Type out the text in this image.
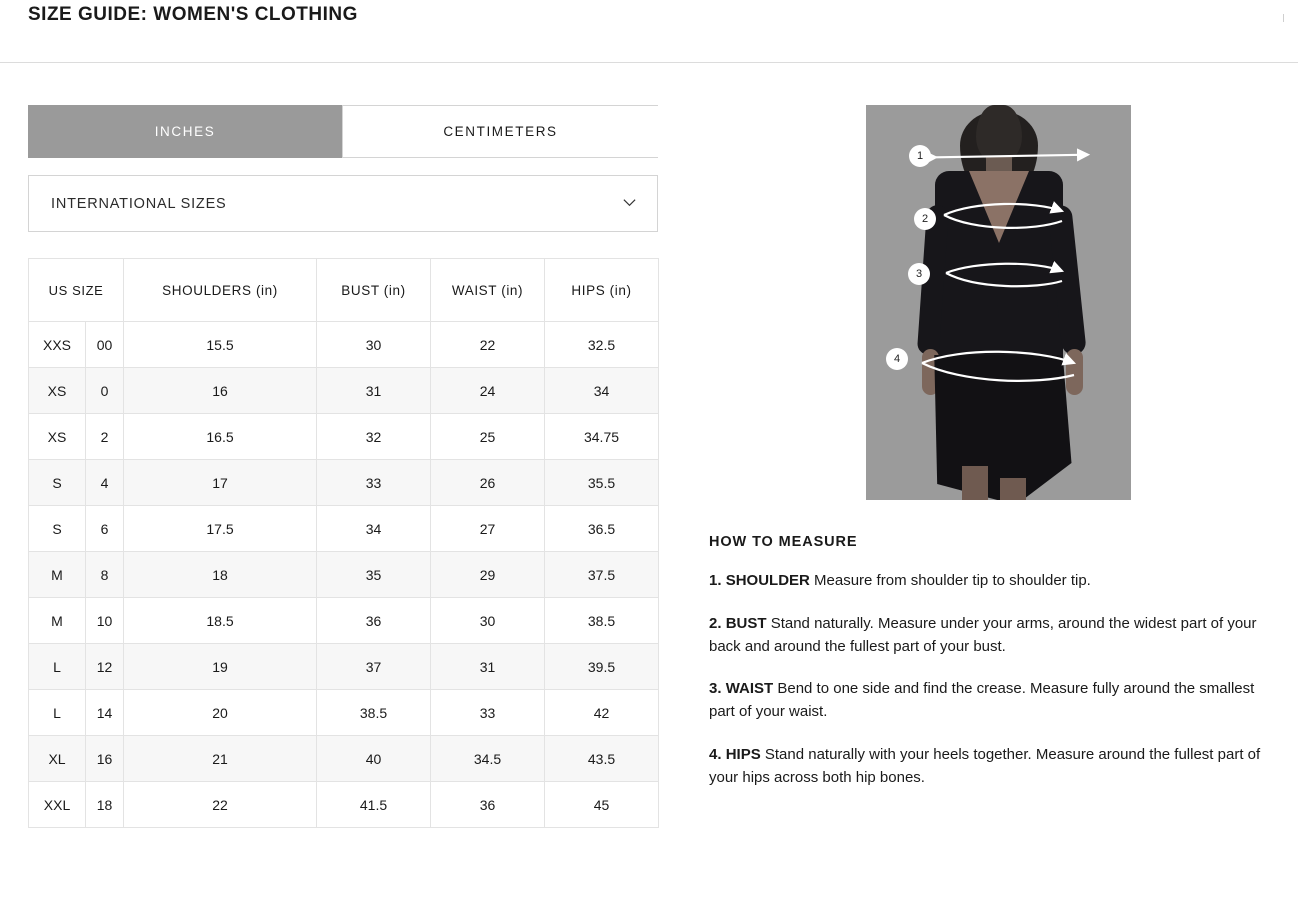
SIZE GUIDE: WOMEN'S CLOTHING
INCHES	CENTIMETERS
INTERNATIONAL SIZES
US SIZE		SHOULDERS (in)	BUST (in)	WAIST (in)	HIPS (in)
XXS	00	15.5	30	22	32.5
XS	0	16	31	24	34
XS	2	16.5	32	25	34.75
S	4	17	33	26	35.5
S	6	17.5	34	27	36.5
M	8	18	35	29	37.5
M	10	18.5	36	30	38.5
L	12	19	37	31	39.5
L	14	20	38.5	33	42
XL	16	21	40	34.5	43.5
XXL	18	22	41.5	36	45
1
2
3
4
HOW TO MEASURE
1. SHOULDER Measure from shoulder tip to shoulder tip.
2. BUST Stand naturally. Measure under your arms, around the widest part of your back and around the fullest part of your bust.
3. WAIST Bend to one side and find the crease. Measure fully around the smallest part of your waist.
4. HIPS Stand naturally with your heels together. Measure around the fullest part of your hips across both hip bones.
